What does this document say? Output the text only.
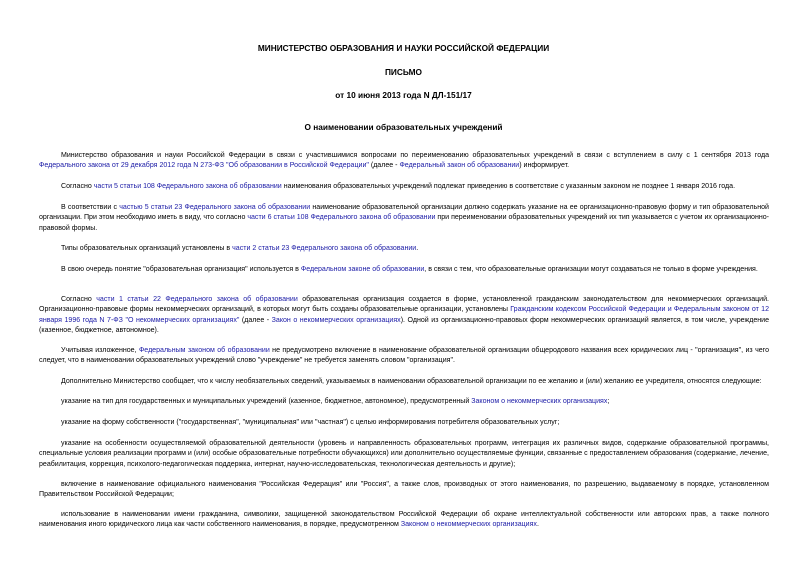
МИНИСТЕРСТВО ОБРАЗОВАНИЯ И НАУКИ РОССИЙСКОЙ ФЕДЕРАЦИИ
ПИСЬМО
от 10 июня 2013 года N ДЛ-151/17
О наименовании образовательных учреждений

Министерство образования и науки Российской Федерации в связи с участившимися вопросами по переименованию образовательных учреждений в связи с вступлением в силу с 1 сентября 2013 года Федерального закона от 29 декабря 2012 года N 273-ФЗ "Об образовании в Российской Федерации" (далее - Федеральный закон об образовании) информирует.

Согласно части 5 статьи 108 Федерального закона об образовании наименования образовательных учреждений подлежат приведению в соответствие с указанным законом не позднее 1 января 2016 года.

В соответствии с частью 5 статьи 23 Федерального закона об образовании наименование образовательной организации должно содержать указание на ее организационно-правовую форму и тип образовательной организации. При этом необходимо иметь в виду, что согласно части 6 статьи 108 Федерального закона об образовании при переименовании образовательных учреждений их тип указывается с учетом их организационно-правовой формы.

Типы образовательных организаций установлены в части 2 статьи 23 Федерального закона об образовании.

В свою очередь понятие "образовательная организация" используется в Федеральном законе об образовании, в связи с тем, что образовательные организации могут создаваться не только в форме учреждения.

Согласно части 1 статьи 22 Федерального закона об образовании образовательная организация создается в форме, установленной гражданским законодательством для некоммерческих организаций. Организационно-правовые формы некоммерческих организаций, в которых могут быть созданы образовательные организации, установлены Гражданским кодексом Российской Федерации и Федеральным законом от 12 января 1996 года N 7-ФЗ "О некоммерческих организациях" (далее - Закон о некоммерческих организациях). Одной из организационно-правовых форм некоммерческих организаций является, в том числе, учреждение (казенное, бюджетное, автономное).

Учитывая изложенное, Федеральным законом об образовании не предусмотрено включение в наименование образовательной организации общеродового названия всех юридических лиц - "организация", из чего следует, что в наименовании образовательных учреждений слово "учреждение" не требуется заменять словом "организация".

Дополнительно Министерство сообщает, что к числу необязательных сведений, указываемых в наименовании образовательной организации по ее желанию и (или) желанию ее учредителя, относятся следующие:

указание на тип для государственных и муниципальных учреждений (казенное, бюджетное, автономное), предусмотренный Законом о некоммерческих организациях;

указание на форму собственности ("государственная", "муниципальная" или "частная") с целью информирования потребителя образовательных услуг;

указание на особенности осуществляемой образовательной деятельности (уровень и направленность образовательных программ, интеграция их различных видов, содержание образовательной программы, специальные условия реализации программ и (или) особые образовательные потребности обучающихся) или дополнительно осуществляемые функции, связанные с предоставлением образования (содержание, лечение, реабилитация, коррекция, психолого-педагогическая поддержка, интернат, научно-исследовательская, технологическая деятельность и другие);

включение в наименование официального наименования "Российская Федерация" или "Россия", а также слов, производных от этого наименования, по разрешению, выдаваемому в порядке, установленном Правительством Российской Федерации;

использование в наименовании имени гражданина, символики, защищенной законодательством Российской Федерации об охране интеллектуальной собственности или авторских прав, а также полного наименования иного юридического лица как части собственного наименования, в порядке, предусмотренном Законом о некоммерческих организациях.
